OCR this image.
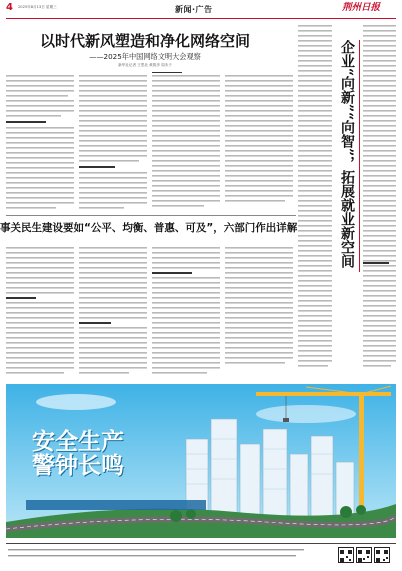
4 2025年8月13日 星期三	新闻·广告	荆州日报
以时代新风塑造和净化网络空间
——2025年中国网络文明大会观察
新华社记者 王思北 黄筱彦 周未子
事关民生建设要如“公平、均衡、普惠、可及”，六部门作出详解	企业“向新”“向智”，拓展就业新空间
安全生产
警钟长鸣
